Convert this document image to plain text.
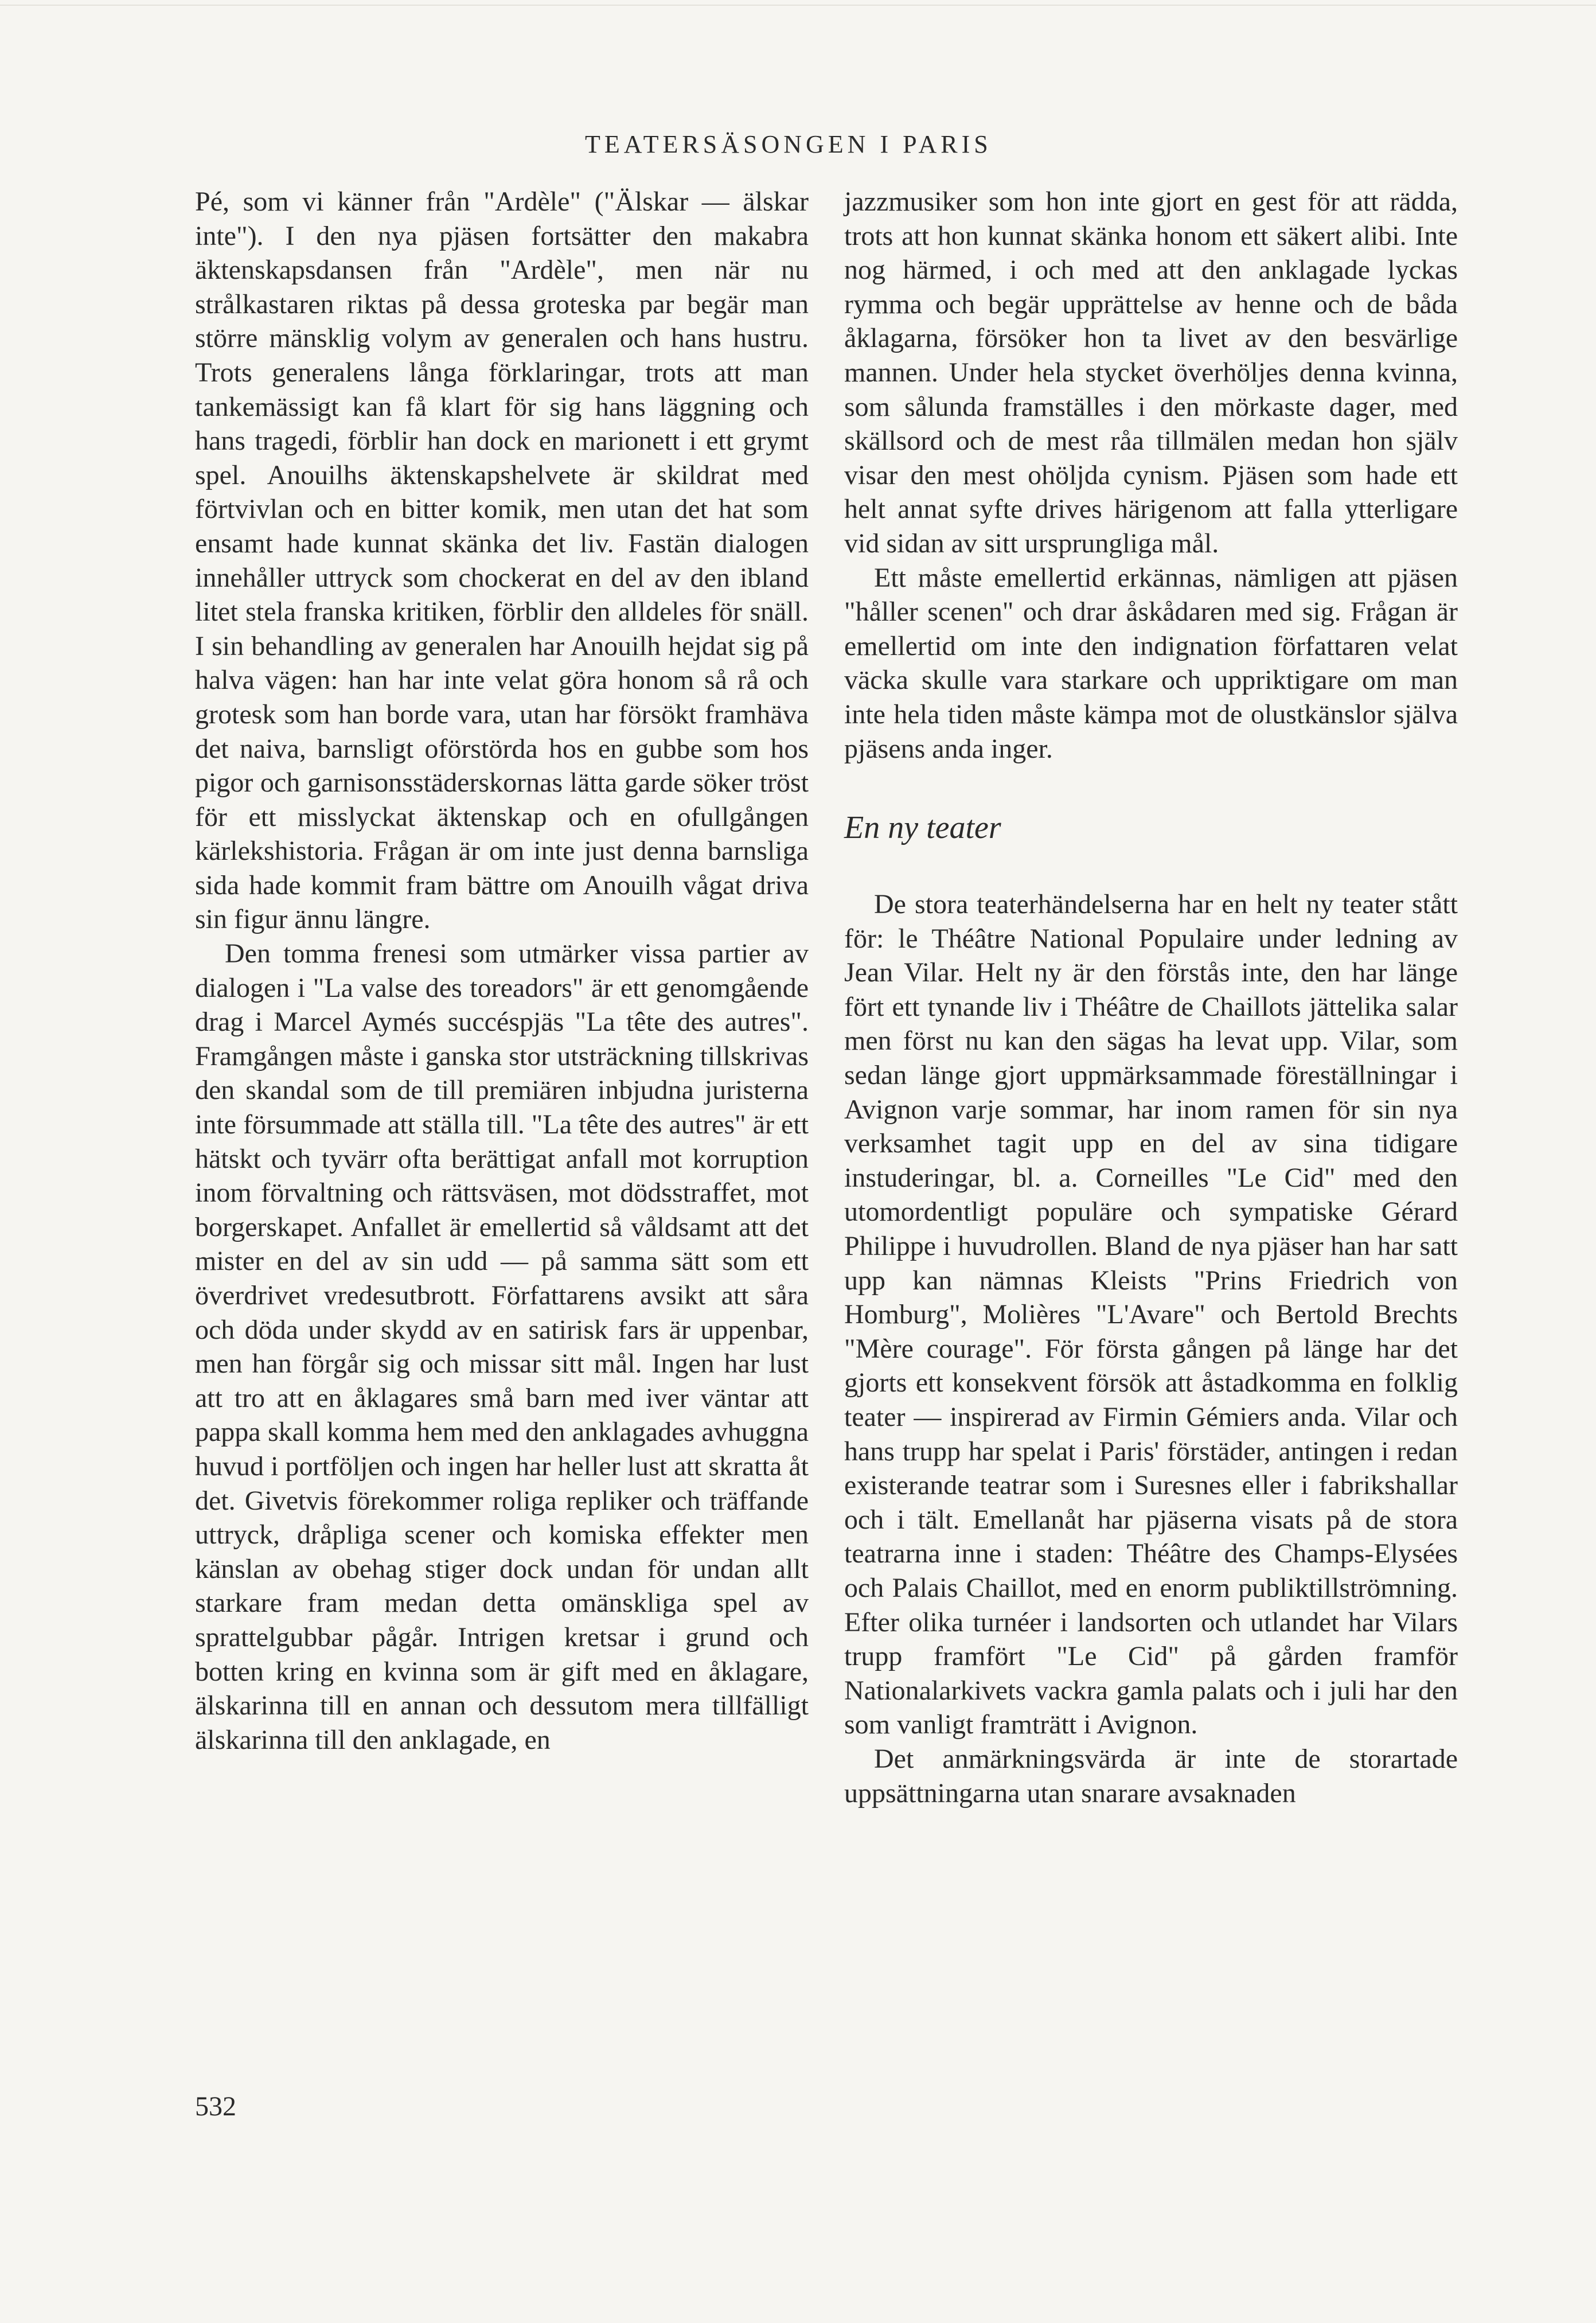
TEATERSÄSONGEN I PARIS

Pé, som vi känner från "Ardèle" ("Älskar — älskar inte"). I den nya pjäsen fortsätter den makabra äktenskapsdansen från "Ardèle", men när nu strålkastaren riktas på dessa groteska par begär man större mänsklig volym av generalen och hans hustru. Trots generalens långa förklaringar, trots att man tankemässigt kan få klart för sig hans läggning och hans tragedi, förblir han dock en marionett i ett grymt spel. Anouilhs äktenskapshelvete är skildrat med förtvivlan och en bitter komik, men utan det hat som ensamt hade kunnat skänka det liv. Fastän dialogen innehåller uttryck som chockerat en del av den ibland litet stela franska kritiken, förblir den alldeles för snäll. I sin behandling av generalen har Anouilh hejdat sig på halva vägen: han har inte velat göra honom så rå och grotesk som han borde vara, utan har försökt framhäva det naiva, barnsligt oförstörda hos en gubbe som hos pigor och garnisonsstäderskornas lätta garde söker tröst för ett misslyckat äktenskap och en ofullgången kärlekshistoria. Frågan är om inte just denna barnsliga sida hade kommit fram bättre om Anouilh vågat driva sin figur ännu längre.

Den tomma frenesi som utmärker vissa partier av dialogen i "La valse des toreadors" är ett genomgående drag i Marcel Aymés succéspjäs "La tête des autres". Framgången måste i ganska stor utsträckning tillskrivas den skandal som de till premiären inbjudna juristerna inte försummade att ställa till. "La tête des autres" är ett hätskt och tyvärr ofta berättigat anfall mot korruption inom förvaltning och rättsväsen, mot dödsstraffet, mot borgerskapet. Anfallet är emellertid så våldsamt att det mister en del av sin udd — på samma sätt som ett överdrivet vredesutbrott. Författarens avsikt att såra och döda under skydd av en satirisk fars är uppenbar, men han förgår sig och missar sitt mål. Ingen har lust att tro att en åklagares små barn med iver väntar att pappa skall komma hem med den anklagades avhuggna huvud i portföljen och ingen har heller lust att skratta åt det. Givetvis förekommer roliga repliker och träffande uttryck, dråpliga scener och komiska effekter men känslan av obehag stiger dock undan för undan allt starkare fram medan detta omänskliga spel av sprattelgubbar pågår. Intrigen kretsar i grund och botten kring en kvinna som är gift med en åklagare, älskarinna till en annan och dessutom mera tillfälligt älskarinna till den anklagade, en

jazzmusiker som hon inte gjort en gest för att rädda, trots att hon kunnat skänka honom ett säkert alibi. Inte nog härmed, i och med att den anklagade lyckas rymma och begär upprättelse av henne och de båda åklagarna, försöker hon ta livet av den besvärlige mannen. Under hela stycket överhöljes denna kvinna, som sålunda framställes i den mörkaste dager, med skällsord och de mest råa tillmälen medan hon själv visar den mest ohöljda cynism. Pjäsen som hade ett helt annat syfte drives härigenom att falla ytterligare vid sidan av sitt ursprungliga mål.

Ett måste emellertid erkännas, nämligen att pjäsen "håller scenen" och drar åskådaren med sig. Frågan är emellertid om inte den indignation författaren velat väcka skulle vara starkare och uppriktigare om man inte hela tiden måste kämpa mot de olustkänslor själva pjäsens anda inger.

En ny teater

De stora teaterhändelserna har en helt ny teater stått för: le Théâtre National Populaire under ledning av Jean Vilar. Helt ny är den förstås inte, den har länge fört ett tynande liv i Théâtre de Chaillots jättelika salar men först nu kan den sägas ha levat upp. Vilar, som sedan länge gjort uppmärksammade föreställningar i Avignon varje sommar, har inom ramen för sin nya verksamhet tagit upp en del av sina tidigare instuderingar, bl. a. Corneilles "Le Cid" med den utomordentligt populäre och sympatiske Gérard Philippe i huvudrollen. Bland de nya pjäser han har satt upp kan nämnas Kleists "Prins Friedrich von Homburg", Molières "L'Avare" och Bertold Brechts "Mère courage". För första gången på länge har det gjorts ett konsekvent försök att åstadkomma en folklig teater — inspirerad av Firmin Gémiers anda. Vilar och hans trupp har spelat i Paris' förstäder, antingen i redan existerande teatrar som i Suresnes eller i fabrikshallar och i tält. Emellanåt har pjäserna visats på de stora teatrarna inne i staden: Théâtre des Champs-Elysées och Palais Chaillot, med en enorm publiktillströmning. Efter olika turnéer i landsorten och utlandet har Vilars trupp framfört "Le Cid" på gården framför Nationalarkivets vackra gamla palats och i juli har den som vanligt framträtt i Avignon.

Det anmärkningsvärda är inte de storartade uppsättningarna utan snarare avsaknaden

532
